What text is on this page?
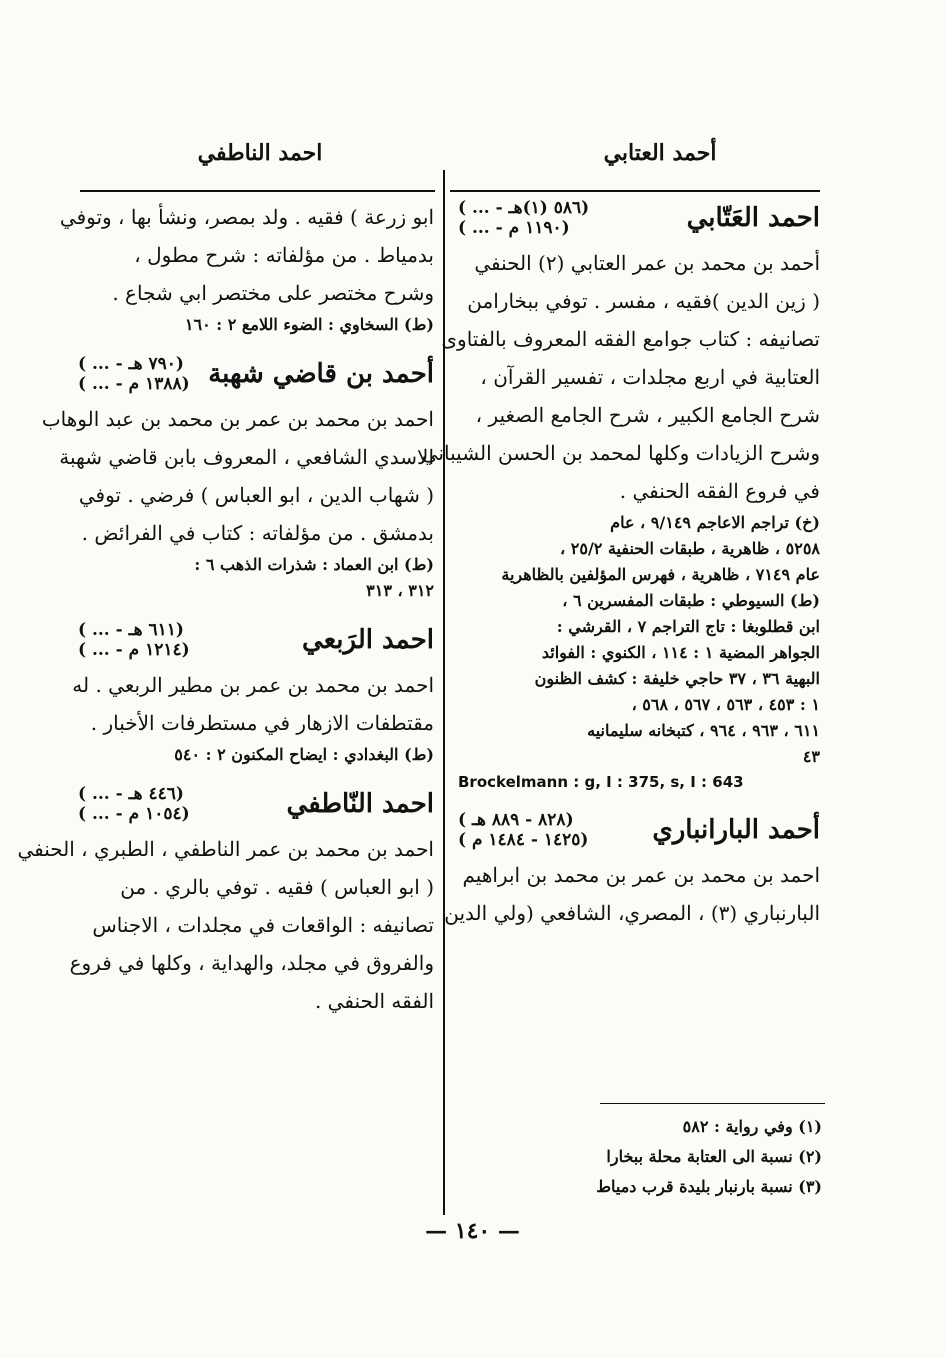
أحمد العتابي
احمد الناطفي
احمد العَتّابي
( ... - ٥٨٦ (١)هـ)
( ... - ١١٩٠ م)
أحمد بن محمد بن عمر العتابي (٢) الحنفي
( زين الدين )فقيه ، مفسر . توفي ببخارامن
تصانيفه : كتاب جوامع الفقه المعروف بالفتاوى
العتابية في اربع مجلدات ، تفسير القرآن ،
شرح الجامع الكبير ، شرح الجامع الصغير ،
وشرح الزيادات وكلها لمحمد بن الحسن الشيباني
في فروع الفقه الحنفي .
(خ) تراجم الاعاجم ٩/١٤٩ ، عام
٥٢٥٨ ، ظاهرية ، طبقات الحنفية ٢٥/٢ ،
عام ٧١٤٩ ، ظاهرية ، فهرس المؤلفين بالظاهرية
(ط) السيوطي : طبقات المفسرين ٦ ،
ابن قطلوبغا : تاج التراجم ٧ ، القرشي :
الجواهر المضية ١ : ١١٤ ، الكنوي : الفوائد
البهية ٣٦ ، ٣٧ حاجي خليفة : كشف الظنون
١ : ٤٥٣ ، ٥٦٣ ، ٥٦٧ ، ٥٦٨ ،
٦١١ ، ٩٦٣ ، ٩٦٤ ، كتبخانه سليمانيه
٤٣
Brockelmann : g, I : 375, s, I : 643
أحمد البارانباري
( ٨٢٨ - ٨٨٩ هـ)
( ١٤٢٥ - ١٤٨٤ م)
احمد بن محمد بن عمر بن محمد بن ابراهيم
البارنباري (٣) ، المصري، الشافعي (ولي الدين
(١) وفي رواية : ٥٨٢
(٢) نسبة الى العتابة محلة ببخارا
(٣) نسبة بارنبار بليدة قرب دمياط
ابو زرعة ) فقيه . ولد بمصر، ونشأ بها ، وتوفي
بدمياط . من مؤلفاته : شرح مطول ،
وشرح مختصر على مختصر ابي شجاع .
(ط) السخاوي : الضوء اللامع ٢ : ١٦٠
أحمد بن قاضي شهبة
( ... - ٧٩٠ هـ)
( ... - ١٣٨٨ م)
احمد بن محمد بن عمر بن محمد بن عبد الوهاب
الاسدي الشافعي ، المعروف بابن قاضي شهبة
( شهاب الدين ، ابو العباس ) فرضي . توفي
بدمشق . من مؤلفاته : كتاب في الفرائض .
(ط) ابن العماد : شذرات الذهب ٦ :
٣١٢ ، ٣١٣
احمد الرَبعي
( ... - ٦١١ هـ)
( ... - ١٢١٤ م)
احمد بن محمد بن عمر بن مطير الربعي . له
مقتطفات الازهار في مستطرفات الأخبار .
(ط) البغدادي : ايضاح المكنون ٢ : ٥٤٠
احمد النّاطفي
( ... - ٤٤٦ هـ)
( ... - ١٠٥٤ م)
احمد بن محمد بن عمر الناطفي ، الطبري ، الحنفي
( ابو العباس ) فقيه . توفي بالري . من
تصانيفه : الواقعات في مجلدات ، الاجناس
والفروق في مجلد، والهداية ، وكلها في فروع
الفقه الحنفي .
— ١٤٠ —
